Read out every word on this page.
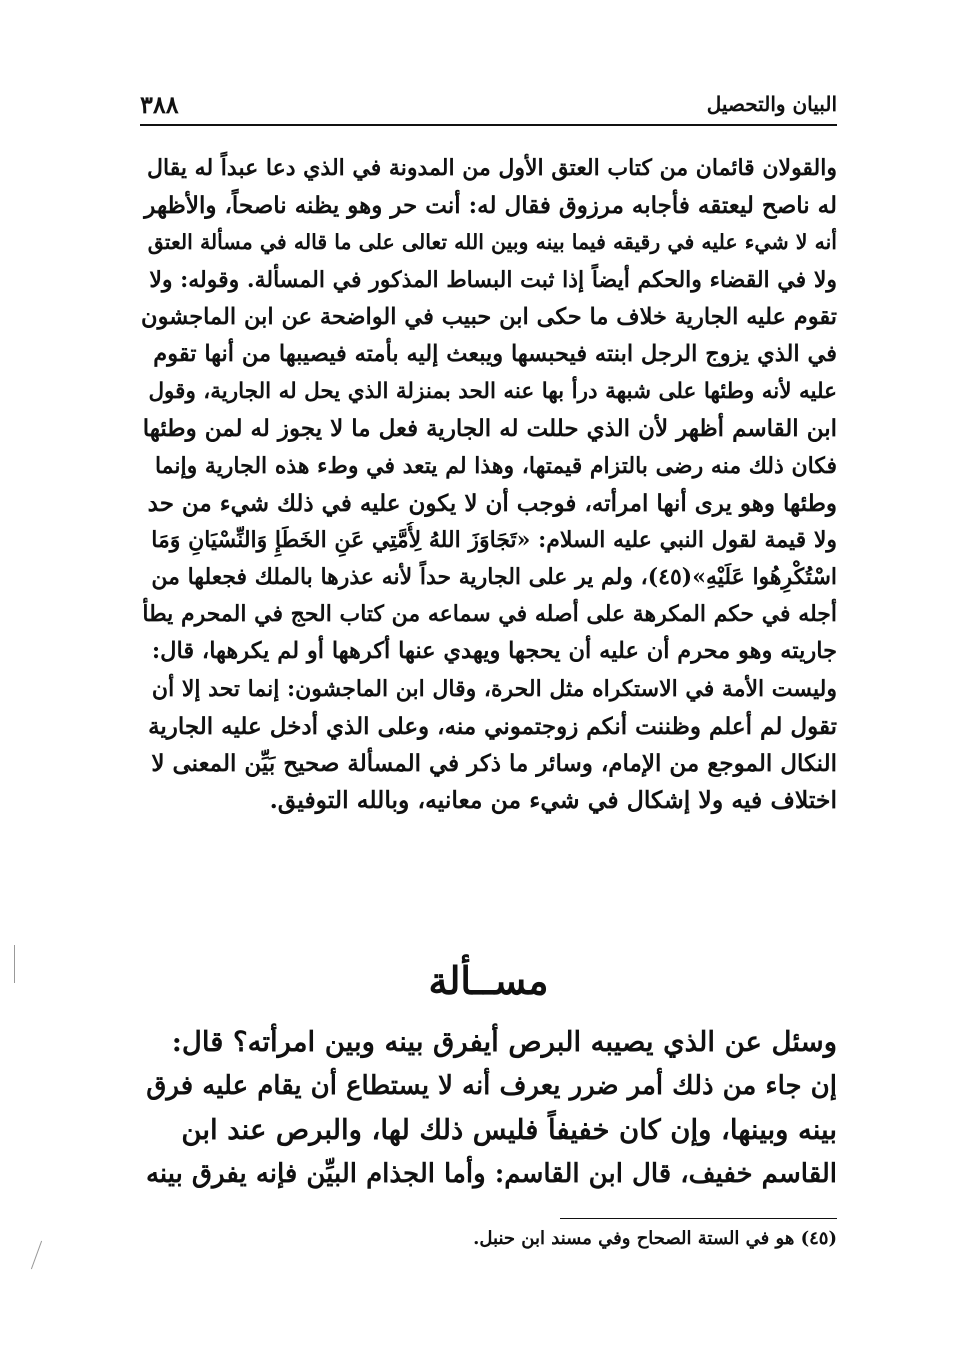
٣٨٨	البيان والتحصيل
والقولان قائمان من كتاب العتق الأول من المدونة في الذي دعا عبداً له يقال
له ناصح ليعتقه فأجابه مرزوق فقال له: أنت حر وهو يظنه ناصحاً، والأظهر
أنه لا شيء عليه في رقيقه فيما بينه وبين الله تعالى على ما قاله في مسألة العتق
ولا في القضاء والحكم أيضاً إذا ثبت البساط المذكور في المسألة. وقوله: ولا
تقوم عليه الجارية خلاف ما حكى ابن حبيب في الواضحة عن ابن الماجشون
في الذي يزوج الرجل ابنته فيحبسها ويبعث إليه بأمته فيصيبها من أنها تقوم
عليه لأنه وطئها على شبهة درأ بها عنه الحد بمنزلة الذي يحل له الجارية، وقول
ابن القاسم أظهر لأن الذي حللت له الجارية فعل ما لا يجوز له لمن وطئها
فكان ذلك منه رضى بالتزام قيمتها، وهذا لم يتعد في وطء هذه الجارية وإنما
وطئها وهو يرى أنها امرأته، فوجب أن لا يكون عليه في ذلك شيء من حد
ولا قيمة لقول النبي عليه السلام: «تَجَاوَزَ اللهُ لِأُمَّتِي عَنِ الخَطَإِ وَالنِّسْيَانِ وَمَا
اسْتُكْرِهُوا عَلَيْهِ»(٤٥)، ولم ير على الجارية حداً لأنه عذرها بالملك فجعلها من
أجله في حكم المكرهة على أصله في سماعه من كتاب الحج في المحرم يطأ
جاريته وهو محرم أن عليه أن يحجها ويهدي عنها أكرهها أو لم يكرهها، قال:
وليست الأمة في الاستكراه مثل الحرة، وقال ابن الماجشون: إنما تحد إلا أن
تقول لم أعلم وظننت أنكم زوجتموني منه، وعلى الذي أدخل عليه الجارية
النكال الموجع من الإمام، وسائر ما ذكر في المسألة صحيح بَيِّن المعنى لا
اختلاف فيه ولا إشكال في شيء من معانيه، وبالله التوفيق.
مســألة
وسئل عن الذي يصيبه البرص أيفرق بينه وبين امرأته؟ قال:
إن جاء من ذلك أمر ضرر يعرف أنه لا يستطاع أن يقام عليه فرق
بينه وبينها، وإن كان خفيفاً فليس ذلك لها، والبرص عند ابن
القاسم خفيف، قال ابن القاسم: وأما الجذام البيِّن فإنه يفرق بينه
(٤٥) هو في الستة الصحاح وفي مسند ابن حنبل.
